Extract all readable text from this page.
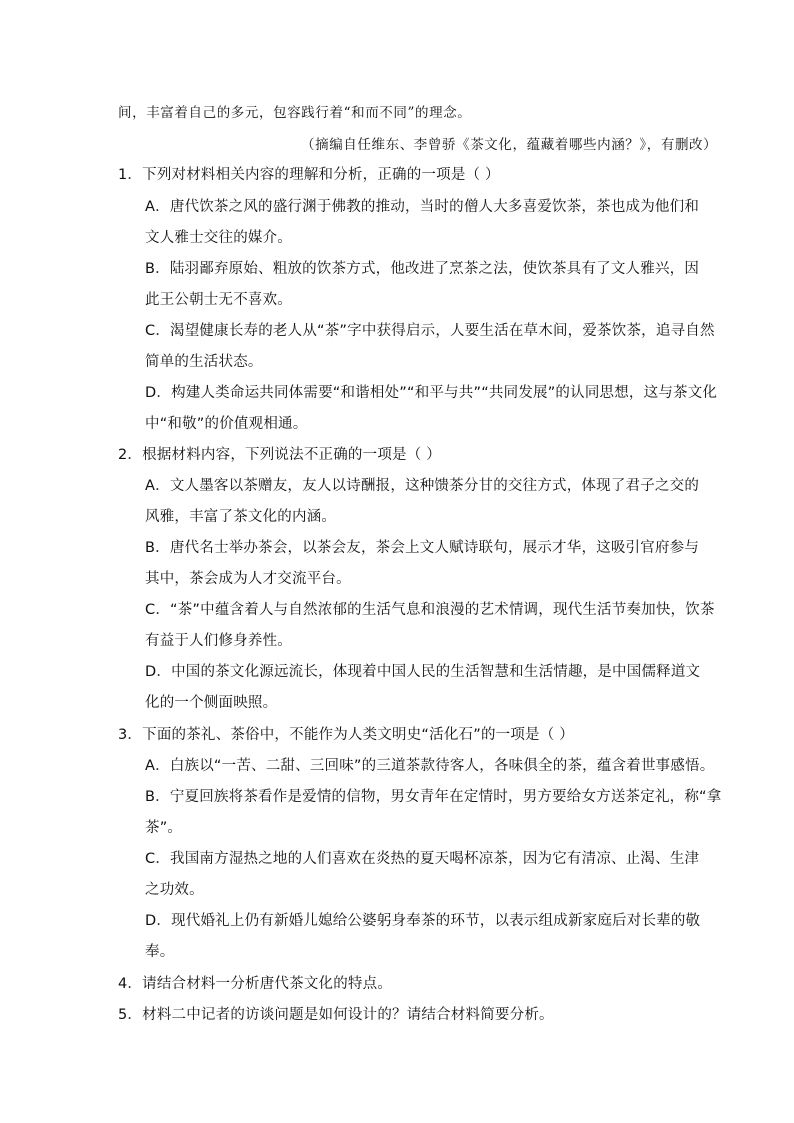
间，丰富着自己的多元，包容践行着“和而不同”的理念。
（摘编自任维东、李曾骄《茶文化，蕴藏着哪些内涵？》，有删改）
1．下列对材料相关内容的理解和分析，正确的一项是（ ）
A．唐代饮茶之风的盛行渊于佛教的推动，当时的僧人大多喜爱饮茶，茶也成为他们和
文人雅士交往的媒介。
B．陆羽鄙弃原始、粗放的饮茶方式，他改进了烹茶之法，使饮茶具有了文人雅兴，因
此王公朝士无不喜欢。
C．渴望健康长寿的老人从“茶”字中获得启示，人要生活在草木间，爱茶饮茶，追寻自然
简单的生活状态。
D．构建人类命运共同体需要“和谐相处”“和平与共”“共同发展”的认同思想，这与茶文化
中“和敬”的价值观相通。
2．根据材料内容，下列说法不正确的一项是（ ）
A．文人墨客以茶赠友，友人以诗酬报，这种馈茶分甘的交往方式，体现了君子之交的
风雅，丰富了茶文化的内涵。
B．唐代名士举办茶会，以茶会友，茶会上文人赋诗联句，展示才华，这吸引官府参与
其中，茶会成为人才交流平台。
C．“茶”中蕴含着人与自然浓郁的生活气息和浪漫的艺术情调，现代生活节奏加快，饮茶
有益于人们修身养性。
D．中国的茶文化源远流长，体现着中国人民的生活智慧和生活情趣，是中国儒释道文
化的一个侧面映照。
3．下面的茶礼、茶俗中，不能作为人类文明史“活化石”的一项是（ ）
A．白族以“一苦、二甜、三回味”的三道茶款待客人，各味俱全的茶，蕴含着世事感悟。
B．宁夏回族将茶看作是爱情的信物，男女青年在定情时，男方要给女方送茶定礼，称“拿
茶”。
C．我国南方湿热之地的人们喜欢在炎热的夏天喝杯凉茶，因为它有清凉、止渴、生津
之功效。
D．现代婚礼上仍有新婚儿媳给公婆躬身奉茶的环节，以表示组成新家庭后对长辈的敬
奉。
4．请结合材料一分析唐代茶文化的特点。
5．材料二中记者的访谈问题是如何设计的？请结合材料简要分析。
